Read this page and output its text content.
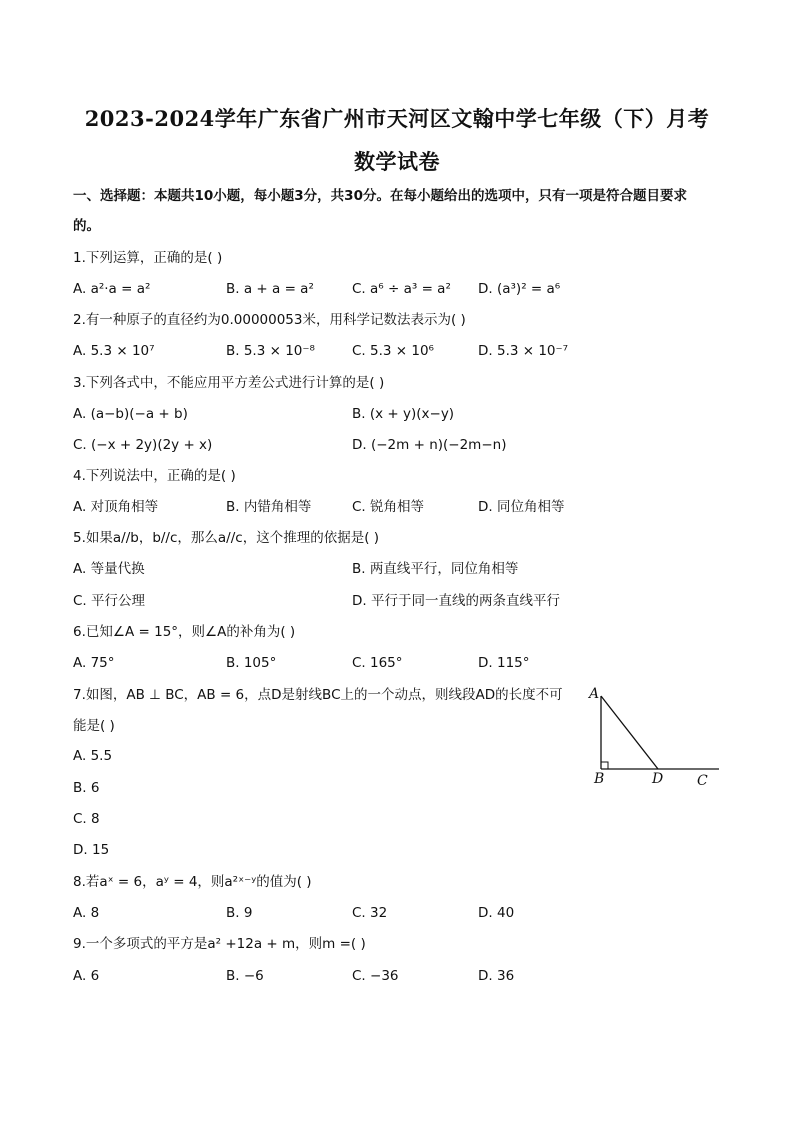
2023-2024学年广东省广州市天河区文翰中学七年级（下）月考
数学试卷
一、选择题：本题共10小题，每小题3分，共30分。在每小题给出的选项中，只有一项是符合题目要求
的。
1.下列运算，正确的是( )
A. a²·a = a²	B. a + a = a²	C. a⁶ ÷ a³ = a² D. (a³)² = a⁶
2.有一种原子的直径约为0.00000053米，用科学记数法表示为( )
A. 5.3 × 10⁷	B. 5.3 × 10⁻⁸	C. 5.3 × 10⁶	D. 5.3 × 10⁻⁷
3.下列各式中，不能应用平方差公式进行计算的是( )
A. (a−b)(−a + b)	B. (x + y)(x−y)
C. (−x + 2y)(2y + x)	D. (−2m + n)(−2m−n)
4.下列说法中，正确的是( )
A. 对顶角相等	B. 内错角相等	C. 锐角相等	D. 同位角相等
5.如果a//b，b//c，那么a//c，这个推理的依据是( )
A. 等量代换	B. 两直线平行，同位角相等
C. 平行公理	D. 平行于同一直线的两条直线平行
6.已知∠A = 15°，则∠A的补角为( )
A. 75°	B. 105°	C. 165°	D. 115°
7.如图，AB ⊥ BC，AB = 6，点D是射线BC上的一个动点，则线段AD的长度不可
能是( )
A. 5.5
B. 6
C. 8
D. 15
A
B	D C
8.若aˣ = 6，aʸ = 4，则a²ˣ⁻ʸ的值为( )
A. 8	B. 9	C. 32	D. 40
9.一个多项式的平方是a² +12a + m，则m =( )
A. 6	B. −6	C. −36	D. 36
